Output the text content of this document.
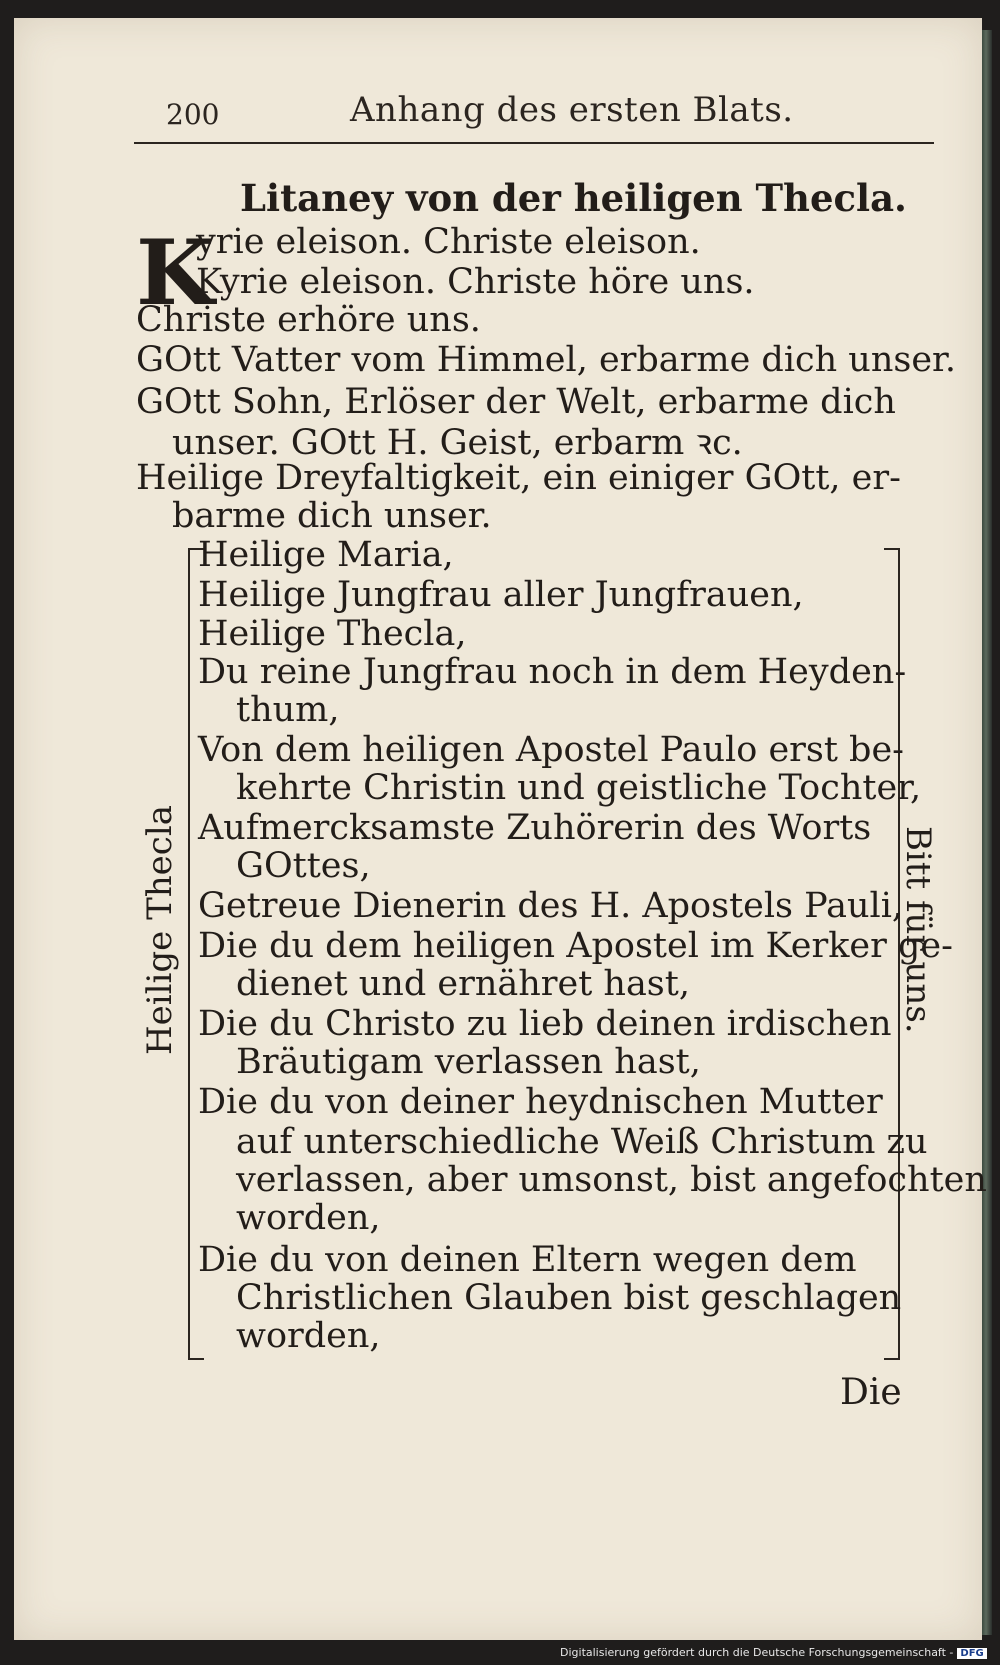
200	Anhang des ersten Blats.
Litaney von der heiligen Thecla.
K
yrie eleison. Christe eleison.
Kyrie eleison. Christe höre uns.
Christe erhöre uns.
GOtt Vatter vom Himmel, erbarme dich unser.
GOtt Sohn, Erlöser der Welt, erbarme dich
unser. GOtt H. Geist, erbarm ꝛc.
Heilige Dreyfaltigkeit, ein einiger GOtt, er-
barme dich unser.
Heilige Thecla	Bitt für uns.
Heilige Maria,
Heilige Jungfrau aller Jungfrauen,
Heilige Thecla,
Du reine Jungfrau noch in dem Heyden-
thum,
Von dem heiligen Apostel Paulo erst be-
kehrte Christin und geistliche Tochter,
Aufmercksamste Zuhörerin des Worts
GOttes,
Getreue Dienerin des H. Apostels Pauli,
Die du dem heiligen Apostel im Kerker ge-
dienet und ernähret hast,
Die du Christo zu lieb deinen irdischen
Bräutigam verlassen hast,
Die du von deiner heydnischen Mutter
auf unterschiedliche Weiß Christum zu
verlassen, aber umsonst, bist angefochten
worden,
Die du von deinen Eltern wegen dem
Christlichen Glauben bist geschlagen
worden,
Die
Digitalisierung gefördert durch die Deutsche Forschungsgemeinschaft - DFG
